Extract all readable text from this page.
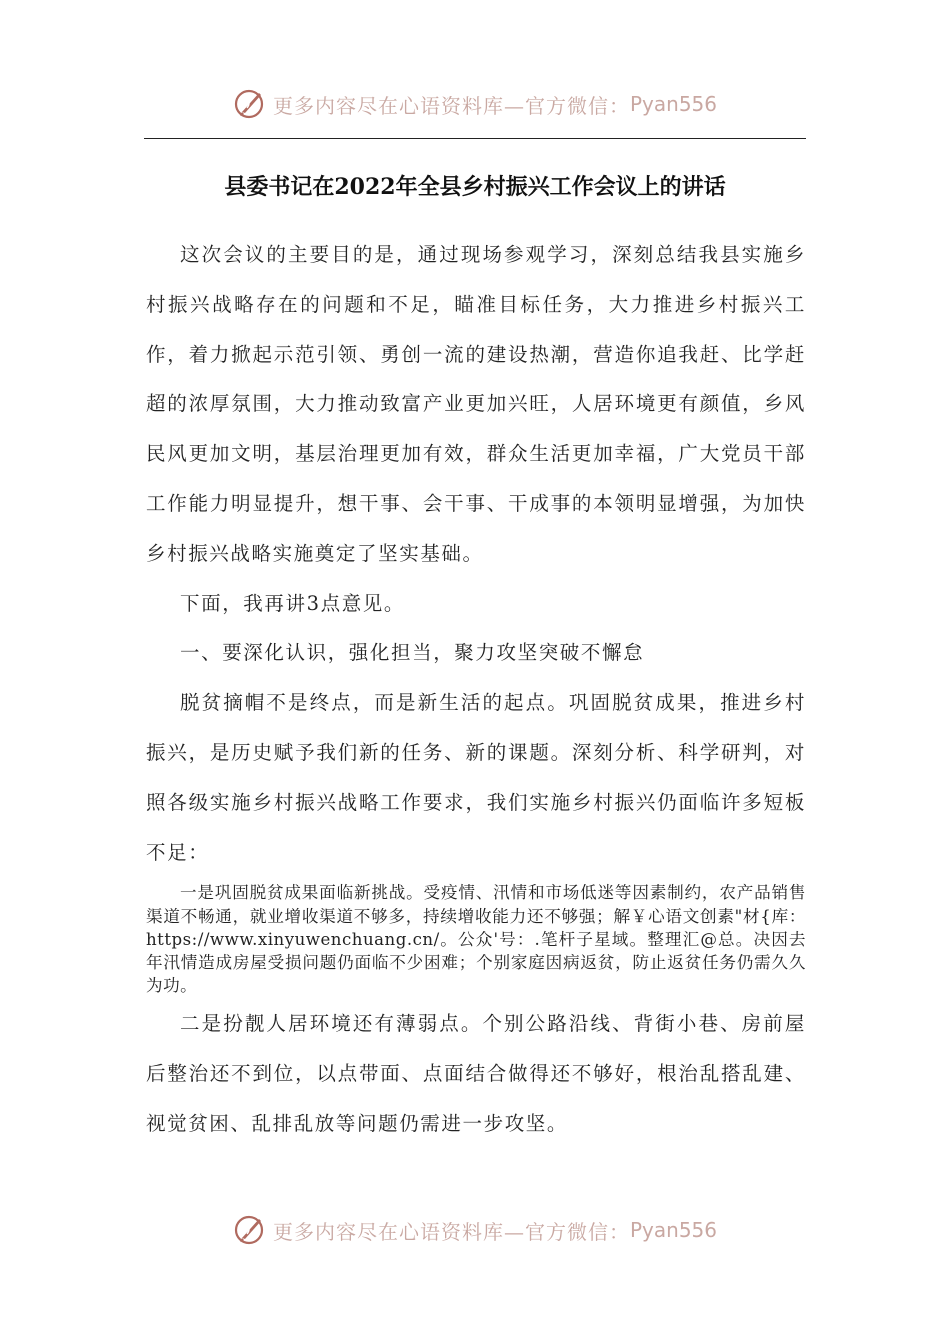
更多内容尽在心语资料库—官方微信： Pyan556
县委书记在2022年全县乡村振兴工作会议上的讲话

这次会议的主要目的是，通过现场参观学习，深刻总结我县实施乡村振兴战略存在的问题和不足，瞄准目标任务，大力推进乡村振兴工作，着力掀起示范引领、勇创一流的建设热潮，营造你追我赶、比学赶超的浓厚氛围，大力推动致富产业更加兴旺，人居环境更有颜值，乡风民风更加文明，基层治理更加有效，群众生活更加幸福，广大党员干部工作能力明显提升，想干事、会干事、干成事的本领明显增强，为加快乡村振兴战略实施奠定了坚实基础。

下面，我再讲3点意见。

一、要深化认识，强化担当，聚力攻坚突破不懈怠

脱贫摘帽不是终点，而是新生活的起点。巩固脱贫成果，推进乡村振兴，是历史赋予我们新的任务、新的课题。深刻分析、科学研判，对照各级实施乡村振兴战略工作要求，我们实施乡村振兴仍面临许多短板不足：

一是巩固脱贫成果面临新挑战。受疫情、汛情和市场低迷等因素制约，农产品销售渠道不畅通，就业增收渠道不够多，持续增收能力还不够强；解￥心语文创素"材{库：https://www.xinyuwenchuang.cn/。公众'号：.笔杆子星域。整理汇@总。决因去年汛情造成房屋受损问题仍面临不少困难；个别家庭因病返贫，防止返贫任务仍需久久为功。

二是扮靓人居环境还有薄弱点。个别公路沿线、背街小巷、房前屋后整治还不到位，以点带面、点面结合做得还不够好，根治乱搭乱建、视觉贫困、乱排乱放等问题仍需进一步攻坚。

更多内容尽在心语资料库—官方微信： Pyan556
